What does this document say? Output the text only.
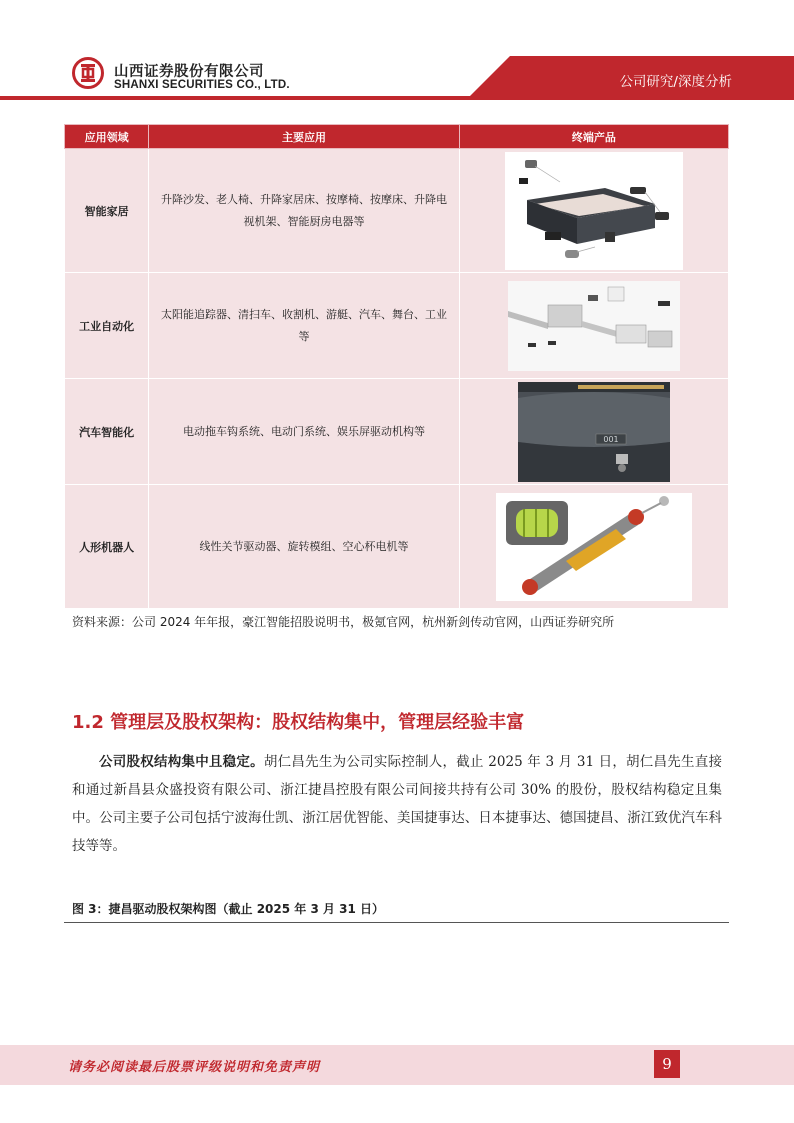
山西证券股份有限公司
SHANXI SECURITIES CO., LTD.	公司研究/深度分析
应用领域	主要应用	终端产品
智能家居	升降沙发、老人椅、升降家居床、按摩椅、按摩床、升降电视机架、智能厨房电器等	

工业自动化	太阳能追踪器、清扫车、收割机、游艇、汽车、舞台、工业等	

汽车智能化	电动拖车钩系统、电动门系统、娱乐屏驱动机构等	001

人形机器人	线性关节驱动器、旋转模组、空心杯电机等	
资料来源：公司 2024 年年报，豪江智能招股说明书，极氪官网，杭州新剑传动官网，山西证券研究所
1.2 管理层及股权架构：股权结构集中，管理层经验丰富

公司股权结构集中且稳定。胡仁昌先生为公司实际控制人，截止 2025 年 3 月 31 日，胡仁昌先生直接和通过新昌县众盛投资有限公司、浙江捷昌控股有限公司间接共持有公司 30% 的股份，股权结构稳定且集中。公司主要子公司包括宁波海仕凯、浙江居优智能、美国捷事达、日本捷事达、德国捷昌、浙江致优汽车科技等等。

图 3：捷昌驱动股权架构图（截止 2025 年 3 月 31 日）
请务必阅读最后股票评级说明和免责声明	9
